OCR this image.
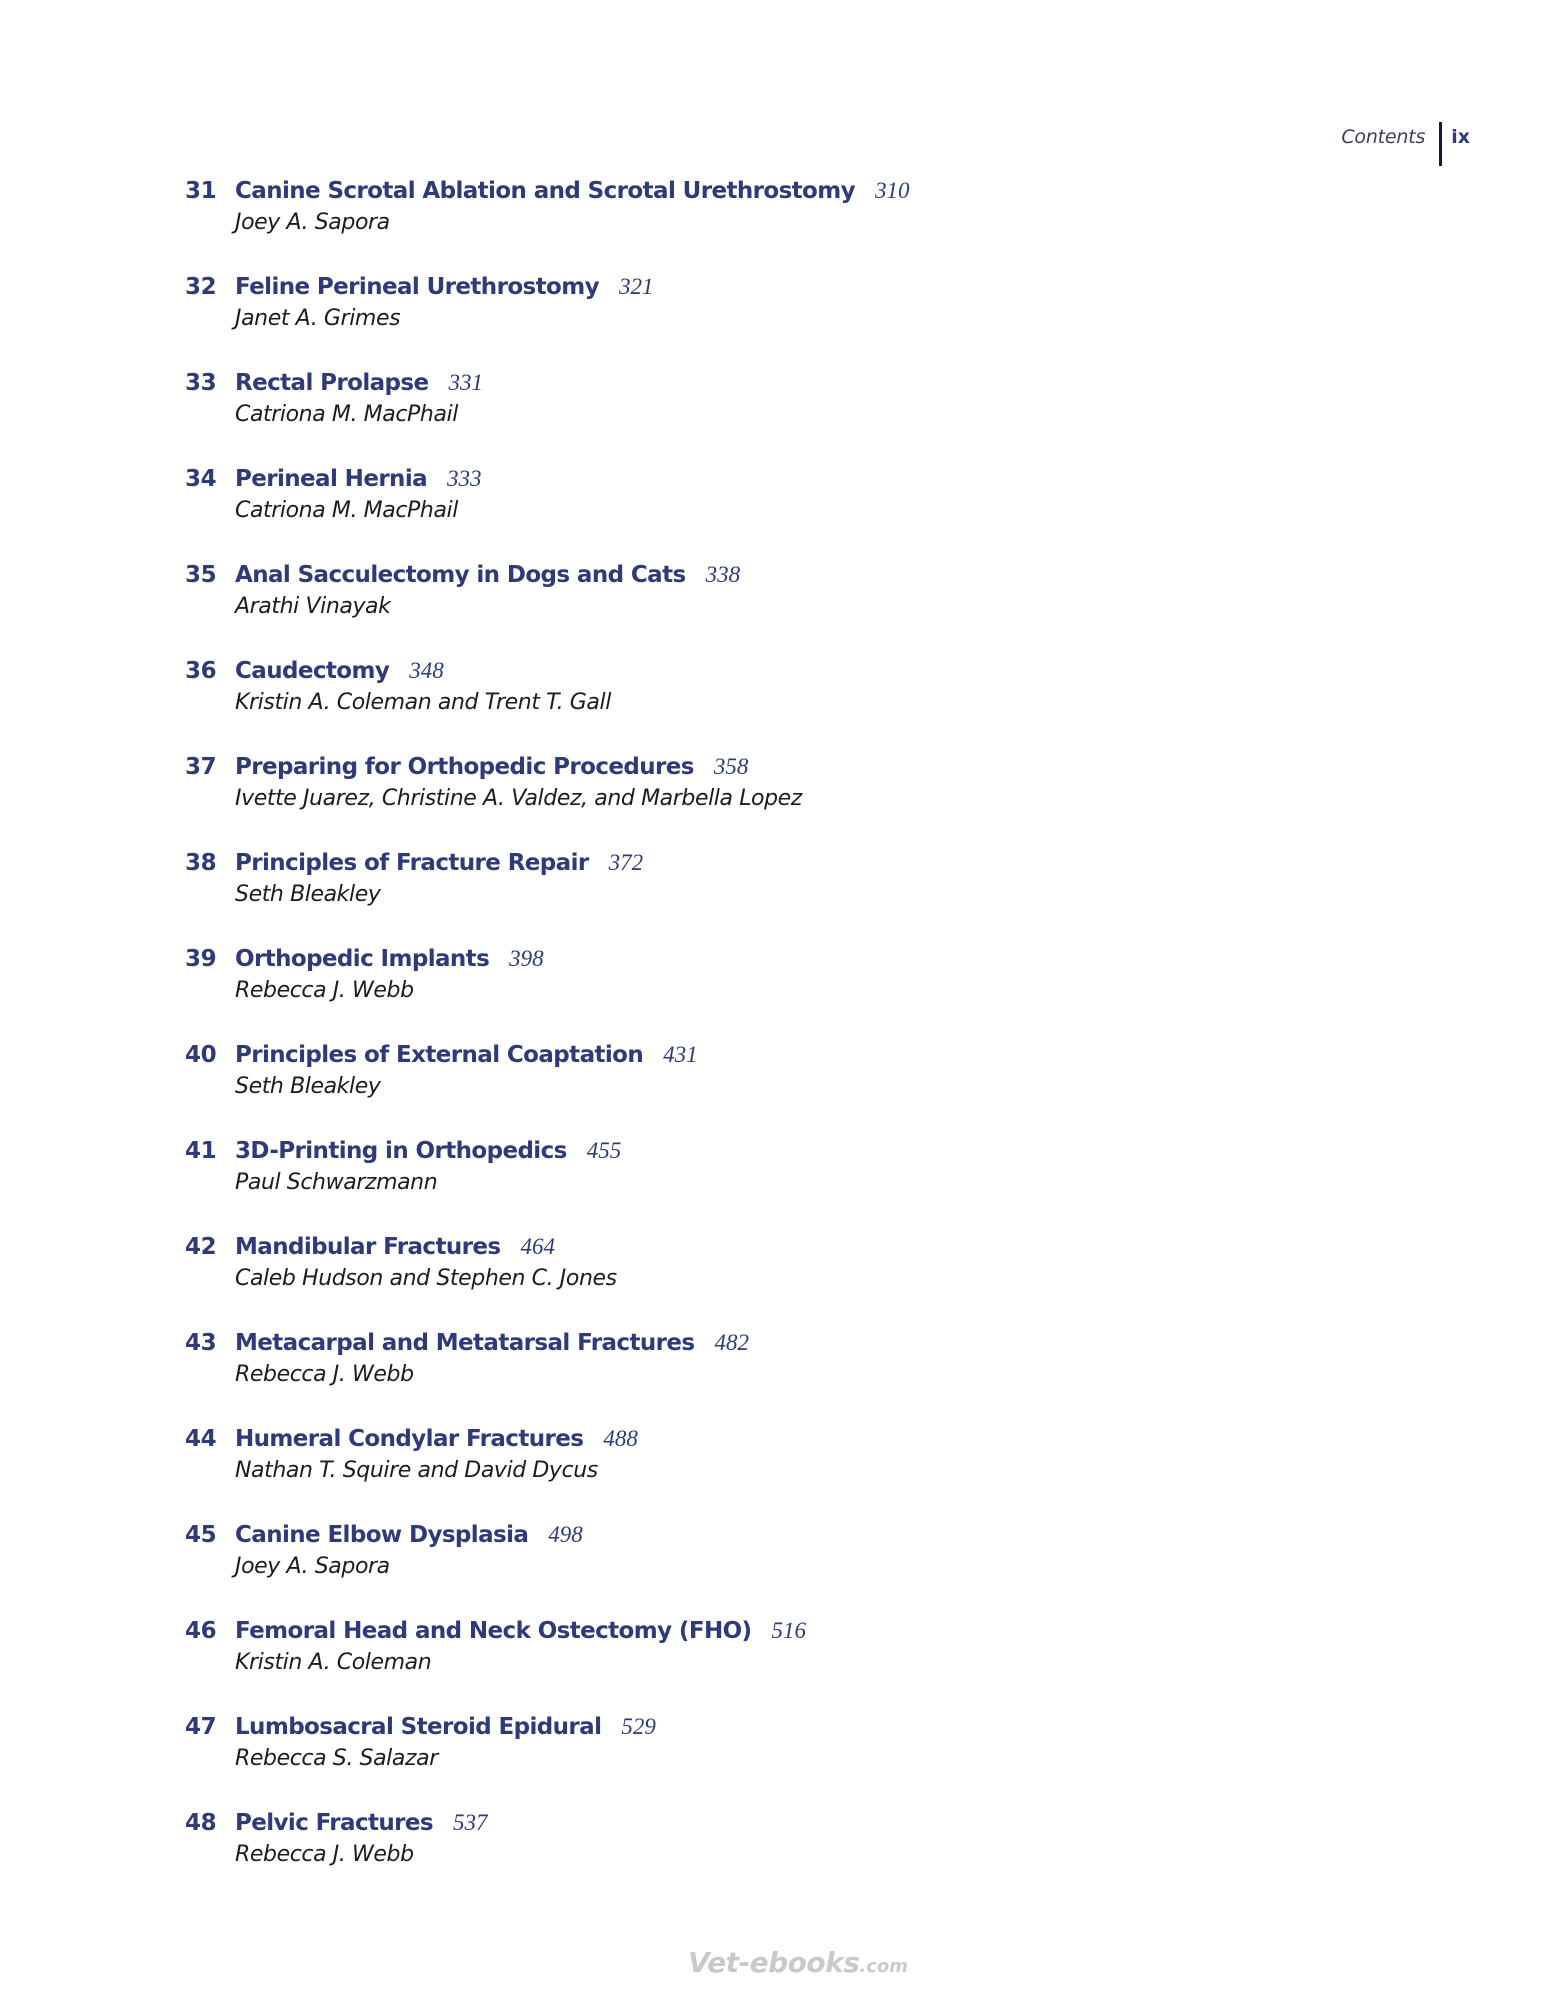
Contents ix
31 Canine Scrotal Ablation and Scrotal Urethrostomy 310
Joey A. Sapora
32 Feline Perineal Urethrostomy 321
Janet A. Grimes
33 Rectal Prolapse 331
Catriona M. MacPhail
34 Perineal Hernia 333
Catriona M. MacPhail
35 Anal Sacculectomy in Dogs and Cats 338
Arathi Vinayak
36 Caudectomy 348
Kristin A. Coleman and Trent T. Gall
37 Preparing for Orthopedic Procedures 358
Ivette Juarez, Christine A. Valdez, and Marbella Lopez
38 Principles of Fracture Repair 372
Seth Bleakley
39 Orthopedic Implants 398
Rebecca J. Webb
40 Principles of External Coaptation 431
Seth Bleakley
41 3D-Printing in Orthopedics 455
Paul Schwarzmann
42 Mandibular Fractures 464
Caleb Hudson and Stephen C. Jones
43 Metacarpal and Metatarsal Fractures 482
Rebecca J. Webb
44 Humeral Condylar Fractures 488
Nathan T. Squire and David Dycus
45 Canine Elbow Dysplasia 498
Joey A. Sapora
46 Femoral Head and Neck Ostectomy (FHO) 516
Kristin A. Coleman
47 Lumbosacral Steroid Epidural 529
Rebecca S. Salazar
48 Pelvic Fractures 537
Rebecca J. Webb
Vet-ebooks.com
